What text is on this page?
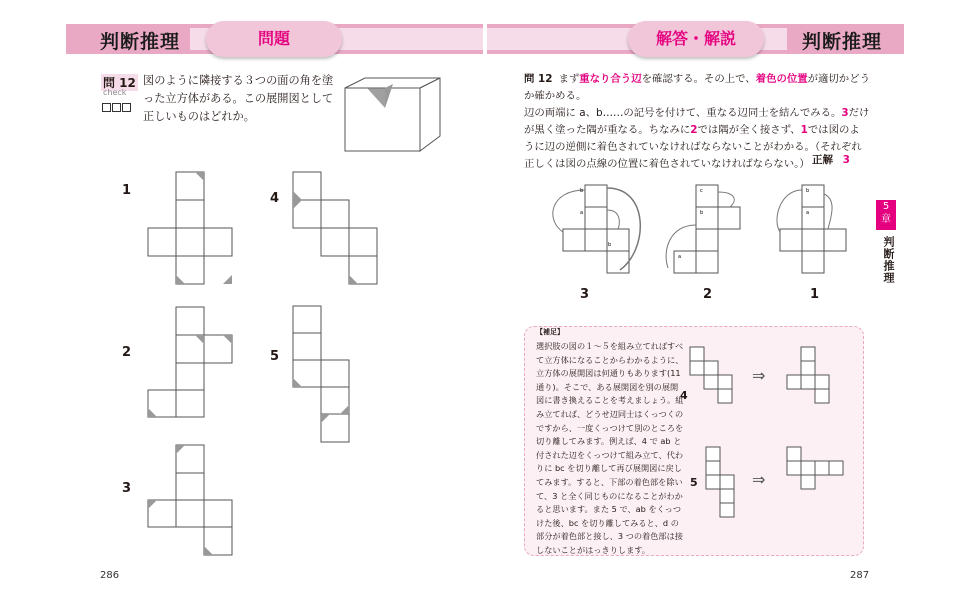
判断推理	問題	解答・解説	判断推理
問 12
check
図のように隣接する３つの面の角を塗った立方体がある。この展開図として正しいものはどれか。
1
2
3
4
5
問 12 まず重なり合う辺を確認する。その上で、着色の位置が適切かどうか確かめる。
辺の両端に a、b……の記号を付けて、重なる辺同士を結んでみる。3だけが黒く塗った隅が重なる。ちなみに2では隅が全く接さず、1では図のように辺の逆側に着色されていなければならないことがわかる。（それぞれ正しくは図の点線の位置に着色されていなければならない。） 正解 3
b
a
b
3
c
b
a
2
b
a
1
5
章
判断推理
【補足】
選択肢の図の１～５を組み立てればすべて立方体になることからわかるように、立方体の展開図は何通りもあります(11通り)。そこで、ある展開図を別の展開図に書き換えることを考えましょう。組み立てれば、どうせ辺同士はくっつくのですから、一度くっつけて別のところを切り離してみます。例えば、4 で ab と付された辺をくっつけて組み立て、代わりに bc を切り離して再び展開図に戻してみます。すると、下部の着色部を除いて、3 と全く同じものになることがわかると思います。また 5 で、ab をくっつけた後、bc を切り離してみると、d の部分が着色部と接し、3 つの着色部は接しないことがはっきりします。
4
5
⇒
⇒
286	287
